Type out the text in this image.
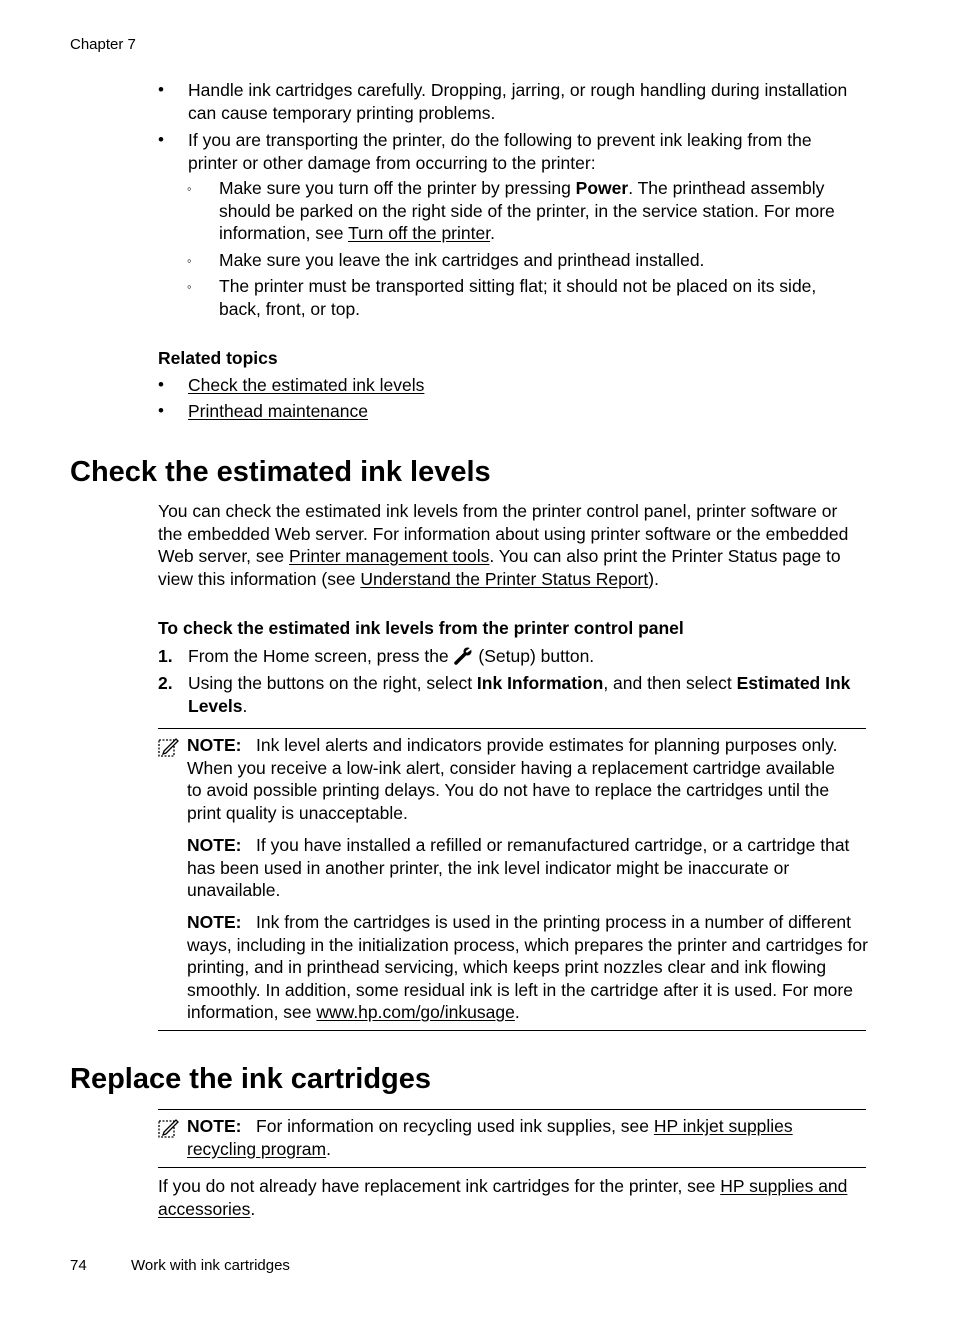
Chapter 7
• Handle ink cartridges carefully. Dropping, jarring, or rough handling during installation can cause temporary printing problems.
• If you are transporting the printer, do the following to prevent ink leaking from the printer or other damage from occurring to the printer:
◦ Make sure you turn off the printer by pressing Power. The printhead assembly should be parked on the right side of the printer, in the service station. For more information, see Turn off the printer.
◦ Make sure you leave the ink cartridges and printhead installed.
◦ The printer must be transported sitting flat; it should not be placed on its side, back, front, or top.
Related topics
• Check the estimated ink levels
• Printhead maintenance
Check the estimated ink levels
You can check the estimated ink levels from the printer control panel, printer software or the embedded Web server. For information about using printer software or the embedded Web server, see Printer management tools. You can also print the Printer Status page to view this information (see Understand the Printer Status Report).
To check the estimated ink levels from the printer control panel
1. From the Home screen, press the  (Setup) button.
2. Using the buttons on the right, select Ink Information, and then select Estimated Ink Levels.
NOTE: Ink level alerts and indicators provide estimates for planning purposes only. When you receive a low-ink alert, consider having a replacement cartridge available to avoid possible printing delays. You do not have to replace the cartridges until the print quality is unacceptable.
NOTE: If you have installed a refilled or remanufactured cartridge, or a cartridge that has been used in another printer, the ink level indicator might be inaccurate or unavailable.
NOTE: Ink from the cartridges is used in the printing process in a number of different ways, including in the initialization process, which prepares the printer and cartridges for printing, and in printhead servicing, which keeps print nozzles clear and ink flowing smoothly. In addition, some residual ink is left in the cartridge after it is used. For more information, see www.hp.com/go/inkusage.
Replace the ink cartridges
NOTE: For information on recycling used ink supplies, see HP inkjet supplies recycling program.
If you do not already have replacement ink cartridges for the printer, see HP supplies and accessories.
74	Work with ink cartridges
